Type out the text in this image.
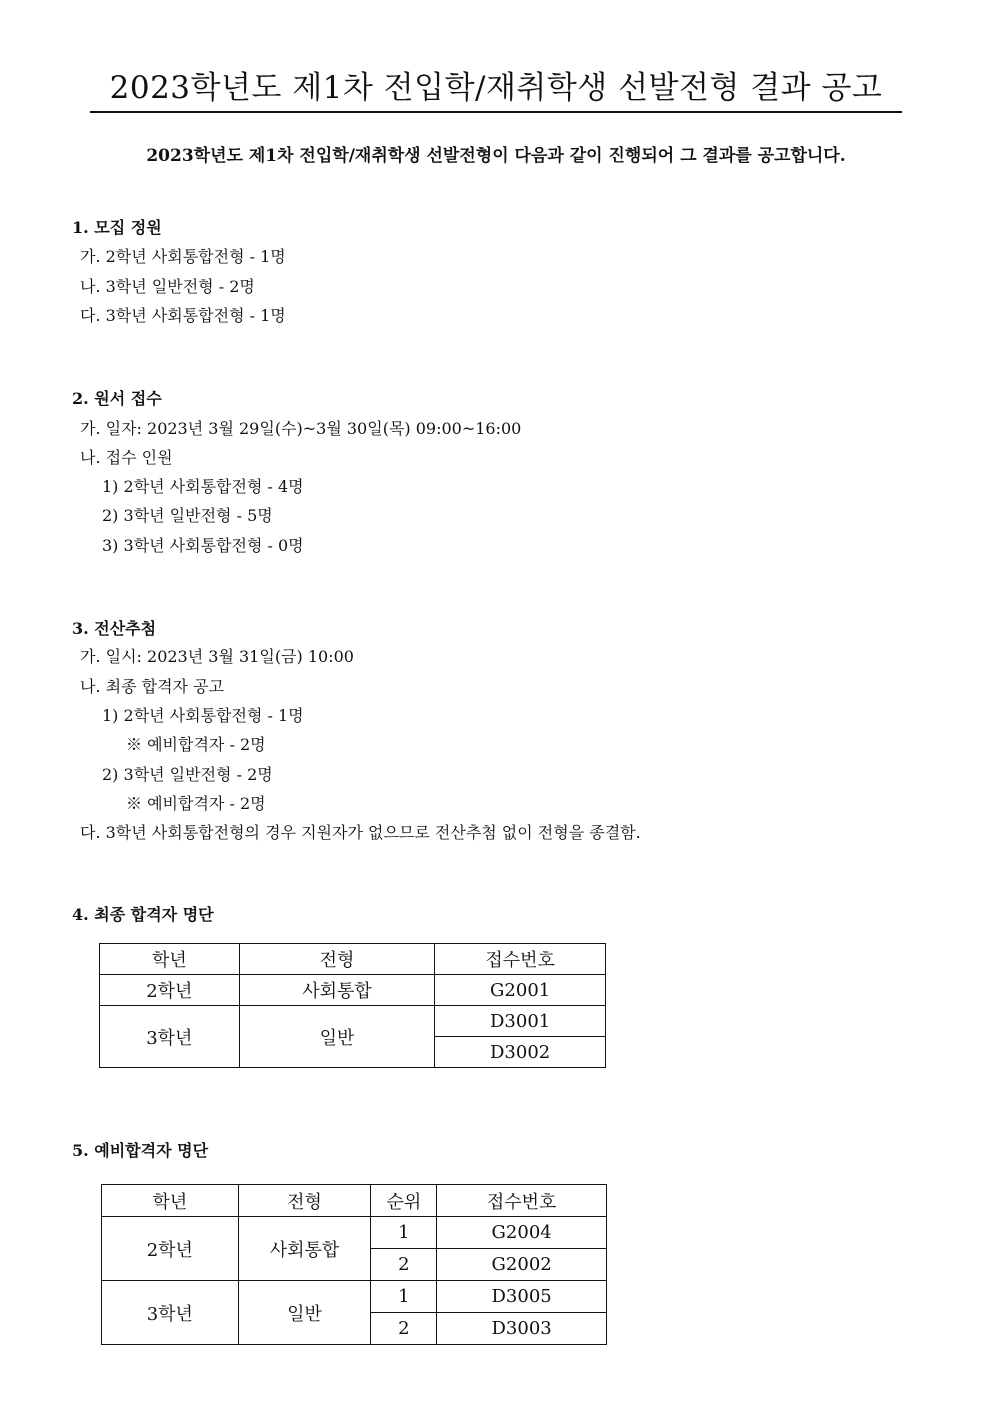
2023학년도 제1차 전입학/재취학생 선발전형 결과 공고
2023학년도 제1차 전입학/재취학생 선발전형이 다음과 같이 진행되어 그 결과를 공고합니다.
1. 모집 정원
가. 2학년 사회통합전형 - 1명
나. 3학년 일반전형 - 2명
다. 3학년 사회통합전형 - 1명
2. 원서 접수
가. 일자: 2023년 3월 29일(수)~3월 30일(목) 09:00~16:00
나. 접수 인원
1) 2학년 사회통합전형 - 4명
2) 3학년 일반전형 - 5명
3) 3학년 사회통합전형 - 0명
3. 전산추첨
가. 일시: 2023년 3월 31일(금) 10:00
나. 최종 합격자 공고
1) 2학년 사회통합전형 - 1명
※ 예비합격자 - 2명
2) 3학년 일반전형 - 2명
※ 예비합격자 - 2명
다. 3학년 사회통합전형의 경우 지원자가 없으므로 전산추첨 없이 전형을 종결함.
4. 최종 합격자 명단
학년	전형	접수번호
2학년	사회통합	G2001
3학년	일반	D3001
		D3002
5. 예비합격자 명단
학년	전형	순위	접수번호
2학년	사회통합	1	G2004
		2	G2002
3학년	일반	1	D3005
		2	D3003
